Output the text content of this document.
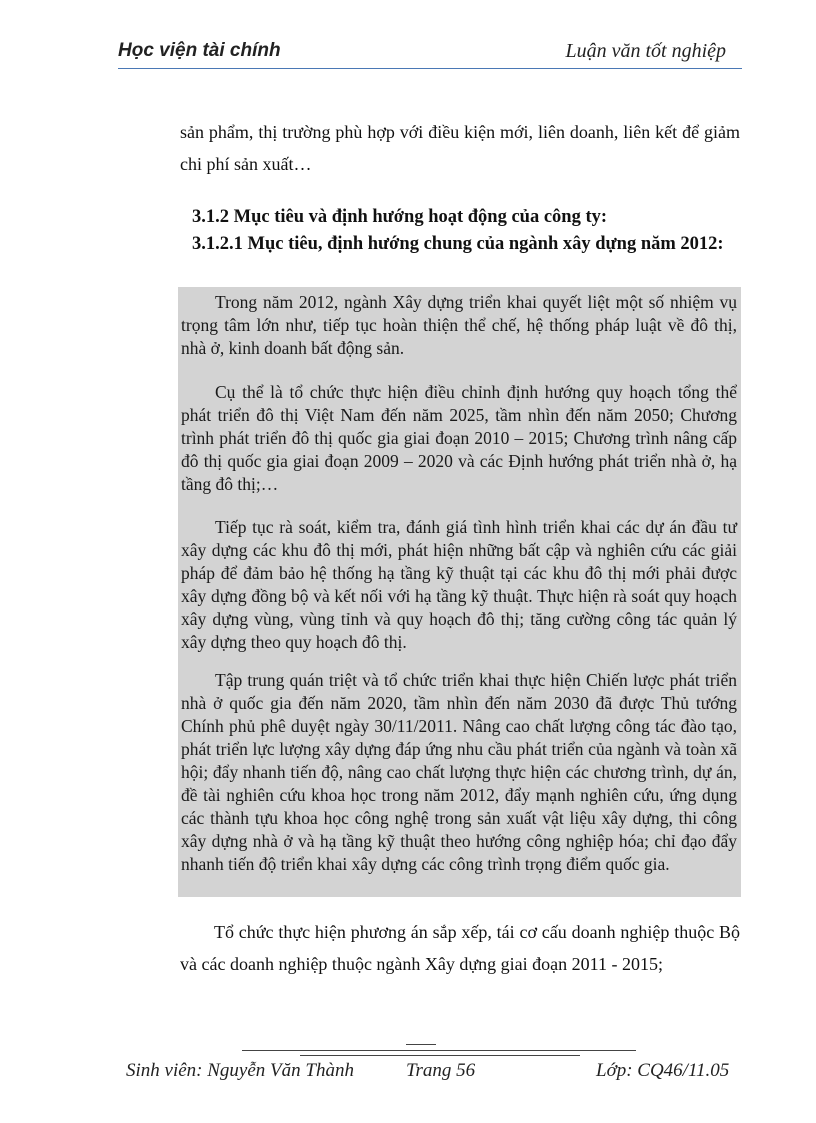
Học viện tài chính	Luận văn tốt nghiệp

sản phẩm, thị trường phù hợp với điều kiện mới, liên doanh, liên kết để giảm chi phí sản xuất…

3.1.2 Mục tiêu và định hướng hoạt động của công ty:

3.1.2.1 Mục tiêu, định hướng chung của ngành xây dựng năm 2012:

Trong năm 2012, ngành Xây dựng triển khai quyết liệt một số nhiệm vụ trọng tâm lớn như, tiếp tục hoàn thiện thể chế, hệ thống pháp luật về đô thị, nhà ở, kinh doanh bất động sản.

Cụ thể là tổ chức thực hiện điều chỉnh định hướng quy hoạch tổng thể phát triển đô thị Việt Nam đến năm 2025, tầm nhìn đến năm 2050; Chương trình phát triển đô thị quốc gia giai đoạn 2010 – 2015; Chương trình nâng cấp đô thị quốc gia giai đoạn 2009 – 2020 và các Định hướng phát triển nhà ở, hạ tầng đô thị;…

Tiếp tục rà soát, kiểm tra, đánh giá tình hình triển khai các dự án đầu tư xây dựng các khu đô thị mới, phát hiện những bất cập và nghiên cứu các giải pháp để đảm bảo hệ thống hạ tầng kỹ thuật tại các khu đô thị mới phải được xây dựng đồng bộ và kết nối với hạ tầng kỹ thuật. Thực hiện rà soát quy hoạch xây dựng vùng, vùng tỉnh và quy hoạch đô thị; tăng cường công tác quản lý xây dựng theo quy hoạch đô thị.

Tập trung quán triệt và tổ chức triển khai thực hiện Chiến lược phát triển nhà ở quốc gia đến năm 2020, tầm nhìn đến năm 2030 đã được Thủ tướng Chính phủ phê duyệt ngày 30/11/2011. Nâng cao chất lượng công tác đào tạo, phát triển lực lượng xây dựng đáp ứng nhu cầu phát triển của ngành và toàn xã hội; đẩy nhanh tiến độ, nâng cao chất lượng thực hiện các chương trình, dự án, đề tài nghiên cứu khoa học trong năm 2012, đẩy mạnh nghiên cứu, ứng dụng các thành tựu khoa học công nghệ trong sản xuất vật liệu xây dựng, thi công xây dựng nhà ở và hạ tầng kỹ thuật theo hướng công nghiệp hóa; chỉ đạo đẩy nhanh tiến độ triển khai xây dựng các công trình trọng điểm quốc gia.

Tổ chức thực hiện phương án sắp xếp, tái cơ cấu doanh nghiệp thuộc Bộ và các doanh nghiệp thuộc ngành Xây dựng giai đoạn 2011 - 2015;

Sinh viên: Nguyễn Văn Thành	Trang 56	Lớp: CQ46/11.05
